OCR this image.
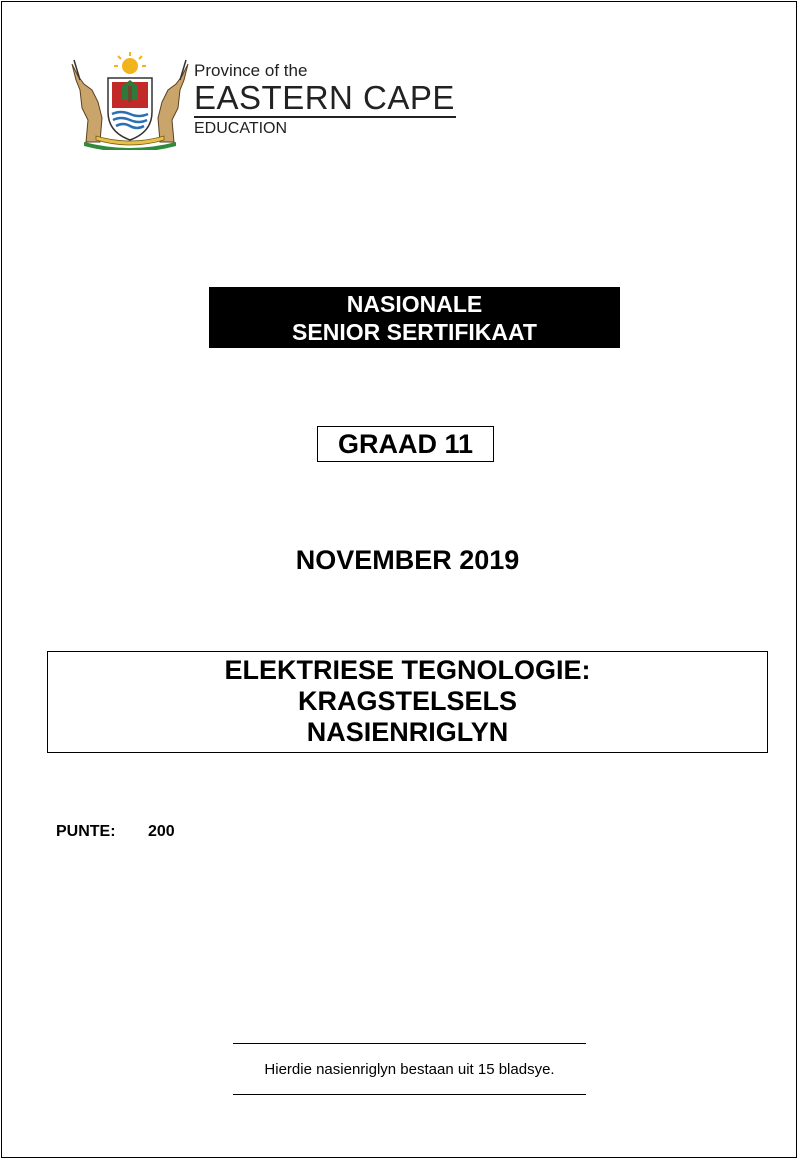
Province of the
EASTERN CAPE
EDUCATION
NASIONALE
SENIOR SERTIFIKAAT
GRAAD 11
NOVEMBER 2019
ELEKTRIESE TEGNOLOGIE:
KRAGSTELSELS
NASIENRIGLYN
PUNTE: 200
Hierdie nasienriglyn bestaan uit 15 bladsye.
